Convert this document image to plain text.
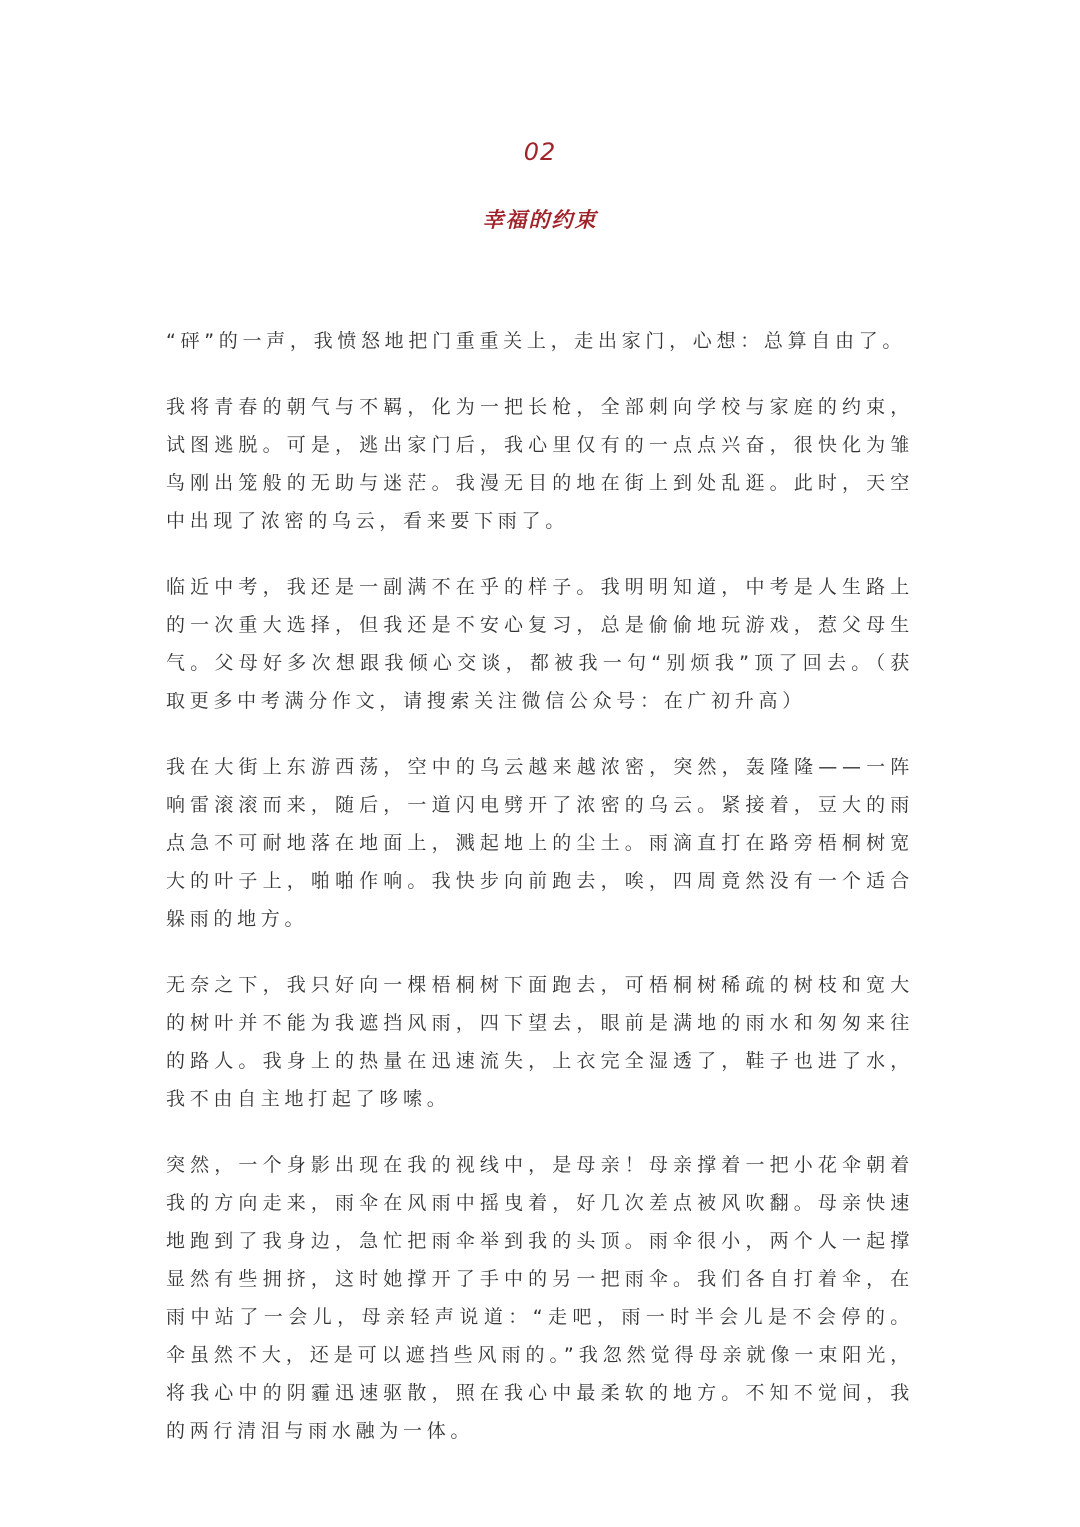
02
幸福的约束

“砰”的一声，我愤怒地把门重重关上，走出家门，心想：总算自由了。

我将青春的朝气与不羁，化为一把长枪，全部刺向学校与家庭的约束，试图逃脱。可是，逃出家门后，我心里仅有的一点点兴奋，很快化为雏鸟刚出笼般的无助与迷茫。我漫无目的地在街上到处乱逛。此时，天空中出现了浓密的乌云，看来要下雨了。

临近中考，我还是一副满不在乎的样子。我明明知道，中考是人生路上的一次重大选择，但我还是不安心复习，总是偷偷地玩游戏，惹父母生气。父母好多次想跟我倾心交谈，都被我一句“别烦我”顶了回去。（获取更多中考满分作文，请搜索关注微信公众号：在广初升高）

我在大街上东游西荡，空中的乌云越来越浓密，突然，轰隆隆——一阵响雷滚滚而来，随后，一道闪电劈开了浓密的乌云。紧接着，豆大的雨点急不可耐地落在地面上，溅起地上的尘土。雨滴直打在路旁梧桐树宽大的叶子上，啪啪作响。我快步向前跑去，唉，四周竟然没有一个适合躲雨的地方。

无奈之下，我只好向一棵梧桐树下面跑去，可梧桐树稀疏的树枝和宽大的树叶并不能为我遮挡风雨，四下望去，眼前是满地的雨水和匆匆来往的路人。我身上的热量在迅速流失，上衣完全湿透了，鞋子也进了水，我不由自主地打起了哆嗦。

突然，一个身影出现在我的视线中，是母亲！母亲撑着一把小花伞朝着我的方向走来，雨伞在风雨中摇曳着，好几次差点被风吹翻。母亲快速地跑到了我身边，急忙把雨伞举到我的头顶。雨伞很小，两个人一起撑显然有些拥挤，这时她撑开了手中的另一把雨伞。我们各自打着伞，在雨中站了一会儿，母亲轻声说道：“走吧，雨一时半会儿是不会停的。伞虽然不大，还是可以遮挡些风雨的。”我忽然觉得母亲就像一束阳光，将我心中的阴霾迅速驱散，照在我心中最柔软的地方。不知不觉间，我的两行清泪与雨水融为一体。
